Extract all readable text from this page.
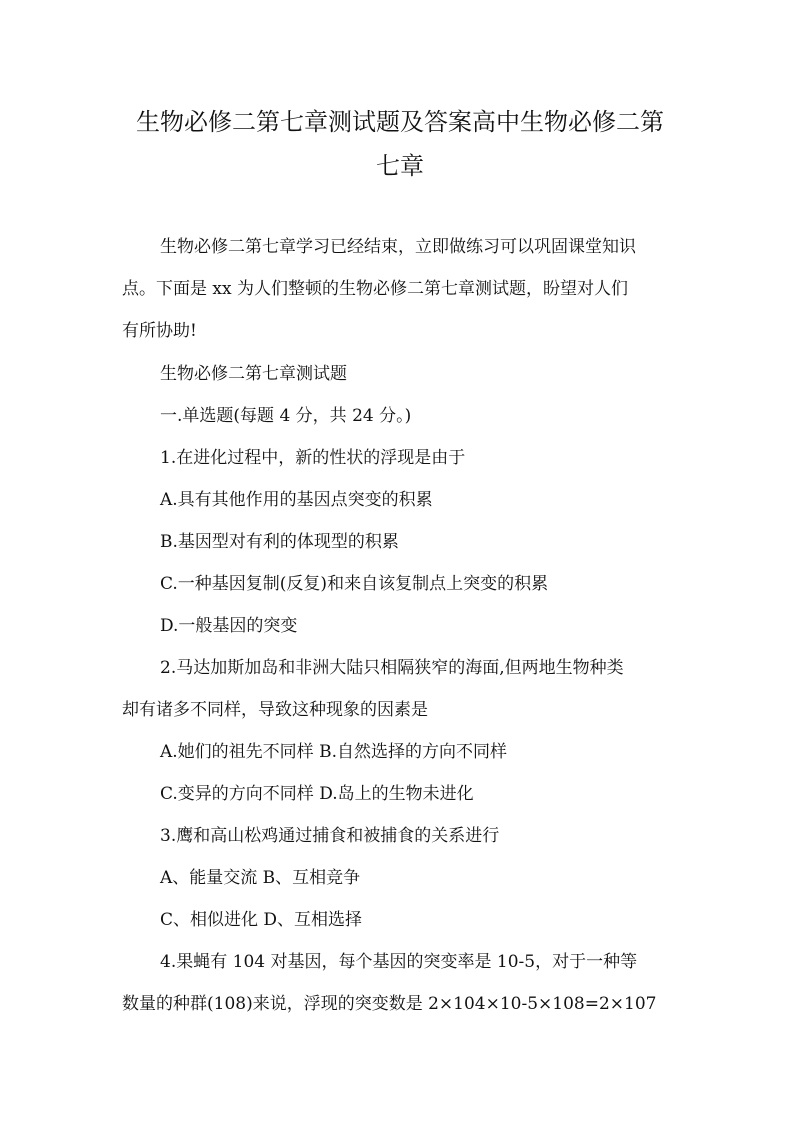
生物必修二第七章测试题及答案高中生物必修二第
七章

生物必修二第七章学习已经结束，立即做练习可以巩固课堂知识

点。下面是 xx 为人们整顿的生物必修二第七章测试题，盼望对人们

有所协助!

生物必修二第七章测试题

一.单选题(每题 4 分，共 24 分。)

1.在进化过程中，新的性状的浮现是由于

A.具有其他作用的基因点突变的积累

B.基因型对有利的体现型的积累

C.一种基因复制(反复)和来自该复制点上突变的积累

D.一般基因的突变

2.马达加斯加岛和非洲大陆只相隔狭窄的海面,但两地生物种类

却有诸多不同样，导致这种现象的因素是

A.她们的祖先不同样 B.自然选择的方向不同样

C.变异的方向不同样 D.岛上的生物未进化

3.鹰和高山松鸡通过捕食和被捕食的关系进行

A、能量交流 B、互相竞争

C、相似进化 D、互相选择

4.果蝇有 104 对基因，每个基因的突变率是 10-5，对于一种等

数量的种群(108)来说，浮现的突变数是 2×104×10-5×108=2×107
